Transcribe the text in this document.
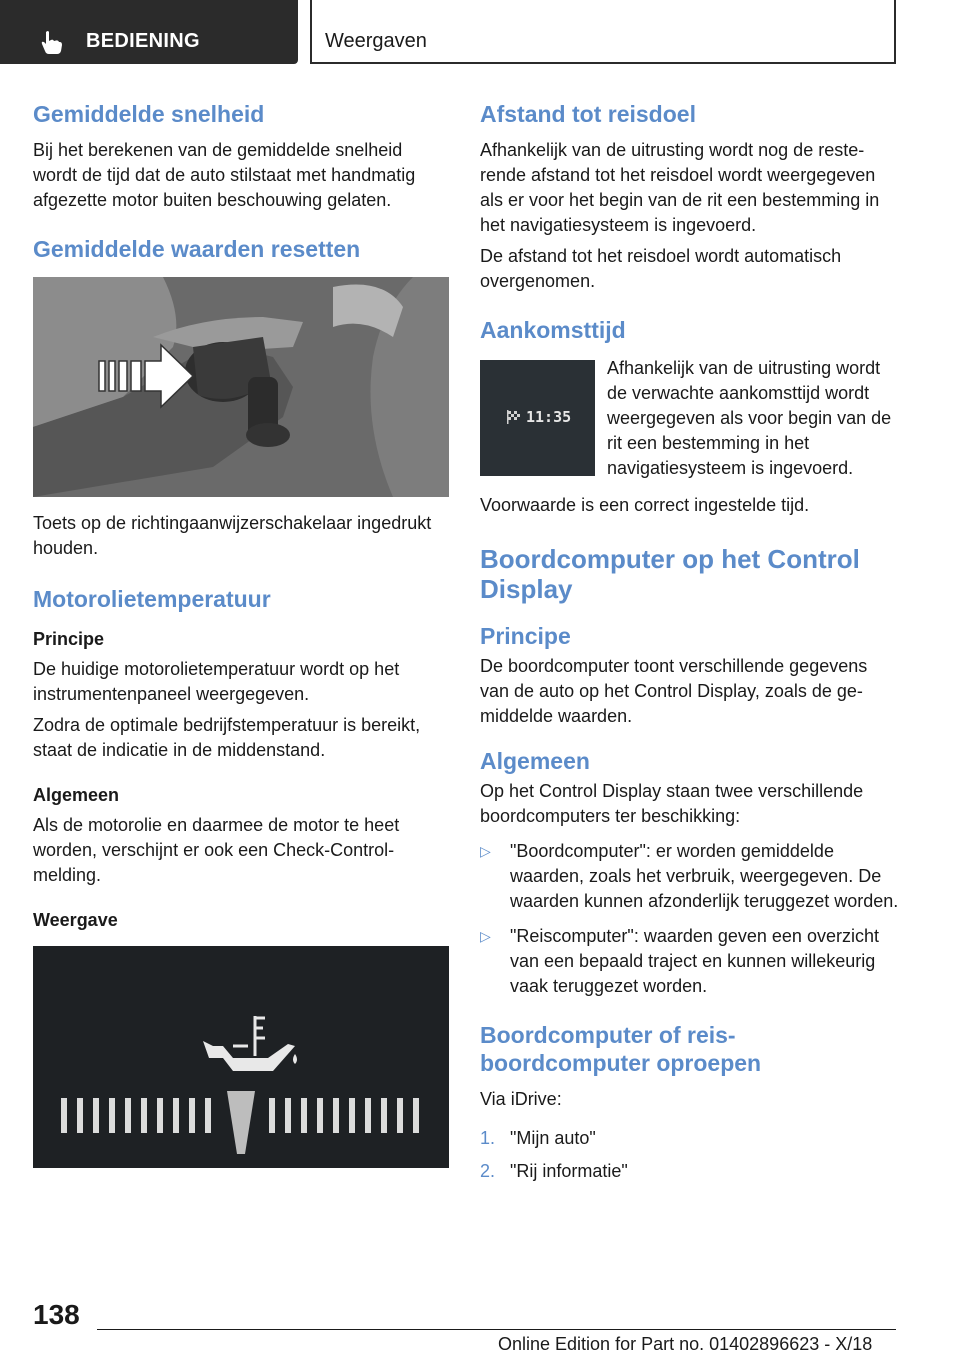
BEDIENING	Weergaven
Gemiddelde snelheid

Bij het berekenen van de gemiddelde snelheid wordt de tijd dat de auto stilstaat met handmatig afgezette motor buiten beschouwing gelaten.

Gemiddelde waarden resetten

Toets op de richtingaanwijzerschakelaar ingedrukt houden.

Motorolietemperatuur
Principe

De huidige motorolietemperatuur wordt op het instrumentenpaneel weergegeven.

Zodra de optimale bedrijfstemperatuur is bereikt, staat de indicatie in de middenstand.

Algemeen

Als de motorolie en daarmee de motor te heet worden, verschijnt er ook een Check-Control-melding.

Weergave
Afstand tot reisdoel

Afhankelijk van de uitrusting wordt nog de resterende afstand tot het reisdoel wordt weergegeven als er voor het begin van de rit een bestemming in het navigatiesysteem is ingevoerd.

De afstand tot het reisdoel wordt automatisch overgenomen.

Aankomsttijd
11:35

Afhankelijk van de uitrusting wordt de verwachte aankomsttijd wordt weergegeven als voor begin van de rit een bestemming in het navigatiesysteem is ingevoerd.

Voorwaarde is een correct ingestelde tijd.

Boordcomputer op het Control Display
Principe

De boordcomputer toont verschillende gegevens van de auto op het Control Display, zoals de gemiddelde waarden.

Algemeen

Op het Control Display staan twee verschillende boordcomputers ter beschikking:

▷ "Boordcomputer": er worden gemiddelde waarden, zoals het verbruik, weergegeven. De waarden kunnen afzonderlijk teruggezet worden.
▷ "Reiscomputer": waarden geven een overzicht van een bepaald traject en kunnen willekeurig vaak teruggezet worden.
Boordcomputer of reisboordcomputer oproepen

Via iDrive:

1. "Mijn auto"
2. "Rij informatie"
138
Online Edition for Part no. 01402896623 - X/18
